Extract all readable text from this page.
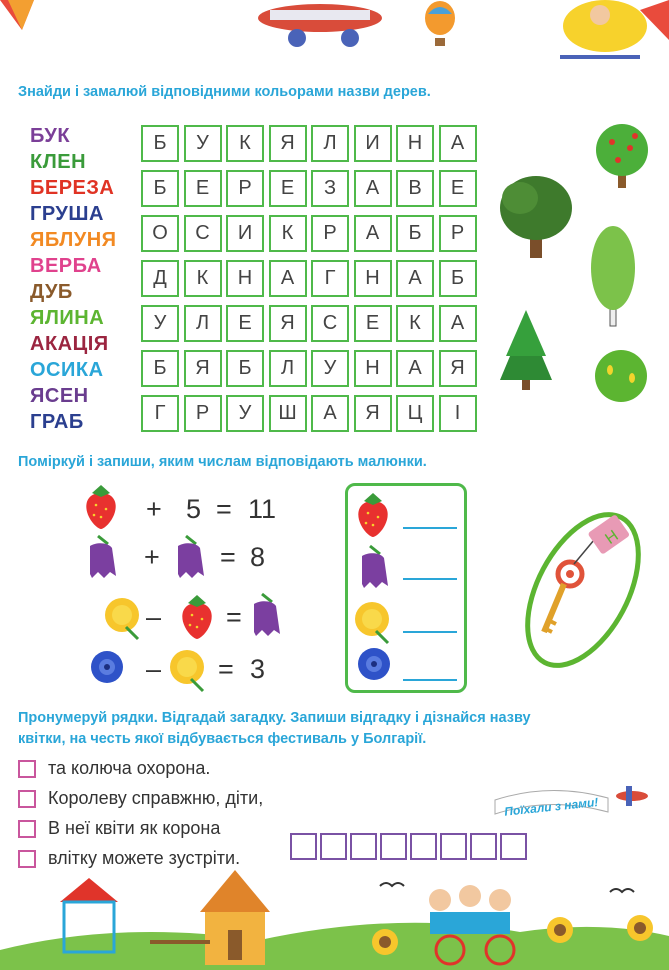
Знайди і замалюй відповідними кольорами назви дерев.
БУК
КЛЕН
БЕРЕЗА
ГРУША
ЯБЛУНЯ
ВЕРБА
ДУБ
ЯЛИНА
АКАЦІЯ
ОСИКА
ЯСЕН
ГРАБ
Б	У	К	Я	Л	И	Н	А
Б	Е	Р	Е	З	А	В	Е
О	С	И	К	Р	А	Б	Р
Д	К	Н	А	Г	Н	А	Б
У	Л	Е	Я	С	Е	К	А
Б	Я	Б	Л	У	Н	А	Я
Г	Р	У	Ш	А	Я	Ц	І
Поміркуй і запиши, яким числам відповідають малюнки.
+ 5 = 11
+ = 8
– =
– = 3
Н
Пронумеруй рядки. Відгадай загадку. Запиши відгадку і дізнайся назву
квітки, на честь якої відбувається фестиваль у Болгарії.
та колюча охорона.
Королеву справжню, діти,
В неї квіти як корона
влітку можете зустріти.
Поїхали з нами!
